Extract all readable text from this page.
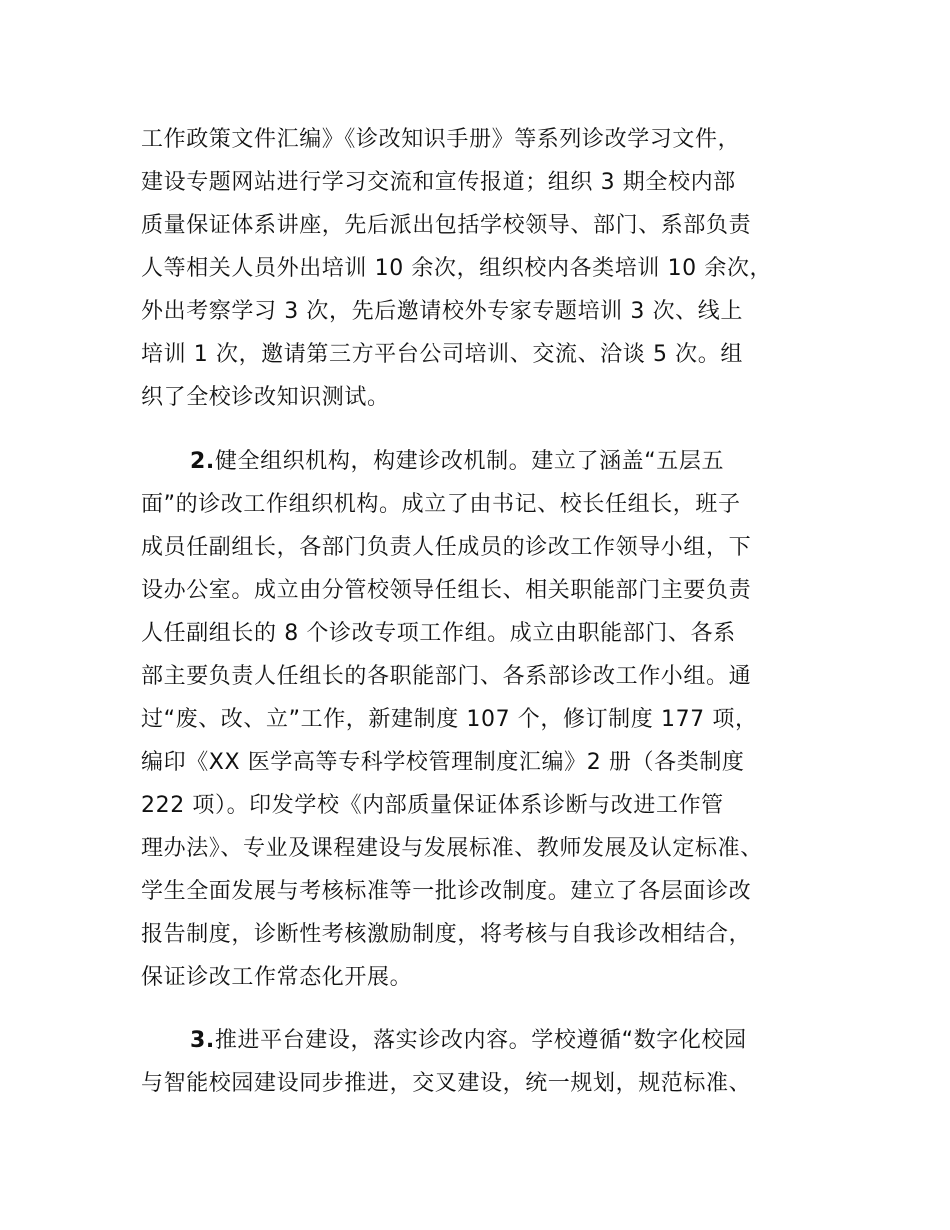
工作政策文件汇编》《诊改知识手册》等系列诊改学习文件，
建设专题网站进行学习交流和宣传报道；组织 3 期全校内部
质量保证体系讲座，先后派出包括学校领导、部门、系部负责
人等相关人员外出培训 10 余次，组织校内各类培训 10 余次，
外出考察学习 3 次，先后邀请校外专家专题培训 3 次、线上
培训 1 次，邀请第三方平台公司培训、交流、洽谈 5 次。组
织了全校诊改知识测试。
2.健全组织机构，构建诊改机制。建立了涵盖“五层五
面”的诊改工作组织机构。成立了由书记、校长任组长，班子
成员任副组长，各部门负责人任成员的诊改工作领导小组，下
设办公室。成立由分管校领导任组长、相关职能部门主要负责
人任副组长的 8 个诊改专项工作组。成立由职能部门、各系
部主要负责人任组长的各职能部门、各系部诊改工作小组。通
过“废、改、立”工作，新建制度 107 个，修订制度 177 项，
编印《XX 医学高等专科学校管理制度汇编》2 册（各类制度
222 项）。印发学校《内部质量保证体系诊断与改进工作管
理办法》、专业及课程建设与发展标准、教师发展及认定标准、
学生全面发展与考核标准等一批诊改制度。建立了各层面诊改
报告制度，诊断性考核激励制度，将考核与自我诊改相结合，
保证诊改工作常态化开展。
3.推进平台建设，落实诊改内容。学校遵循“数字化校园
与智能校园建设同步推进，交叉建设，统一规划，规范标准、
